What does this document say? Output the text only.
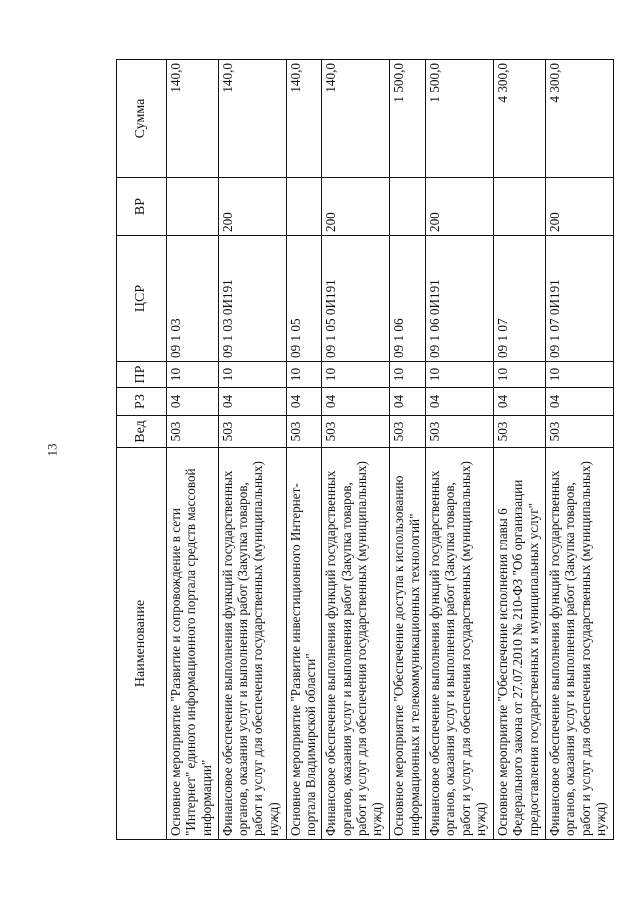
13
Наименование	Вед	РЗ	ПР	ЦСР	ВР	Сумма
Основное мероприятие "Развитие и сопровождение в сети "Интернет" единого информационного портала средств массовой информации"	503	04	10	09 1 03		140,0
Финансовое обеспечение выполнения функций государственных органов, оказания услуг и выполнения работ (Закупка товаров, работ и услуг для обеспечения государственных (муниципальных) нужд)	503	04	10	09 1 03 0И191	200	140,0
Основное мероприятие "Развитие инвестиционного Интернет-портала Владимирской области"	503	04	10	09 1 05		140,0
Финансовое обеспечение выполнения функций государственных органов, оказания услуг и выполнения работ (Закупка товаров, работ и услуг для обеспечения государственных (муниципальных) нужд)	503	04	10	09 1 05 0И191	200	140,0
Основное мероприятие "Обеспечение доступа к использованию информационных и телекоммуникационных технологий"	503	04	10	09 1 06		1 500,0
Финансовое обеспечение выполнения функций государственных органов, оказания услуг и выполнения работ (Закупка товаров, работ и услуг для обеспечения государственных (муниципальных) нужд)	503	04	10	09 1 06 0И191	200	1 500,0
Основное мероприятие "Обеспечение исполнения главы 6 Федерального закона от 27.07.2010 № 210-ФЗ "Об организации предоставления государственных и муниципальных услуг"	503	04	10	09 1 07		4 300,0
Финансовое обеспечение выполнения функций государственных органов, оказания услуг и выполнения работ (Закупка товаров, работ и услуг для обеспечения государственных (муниципальных) нужд)	503	04	10	09 1 07 0И191	200	4 300,0
